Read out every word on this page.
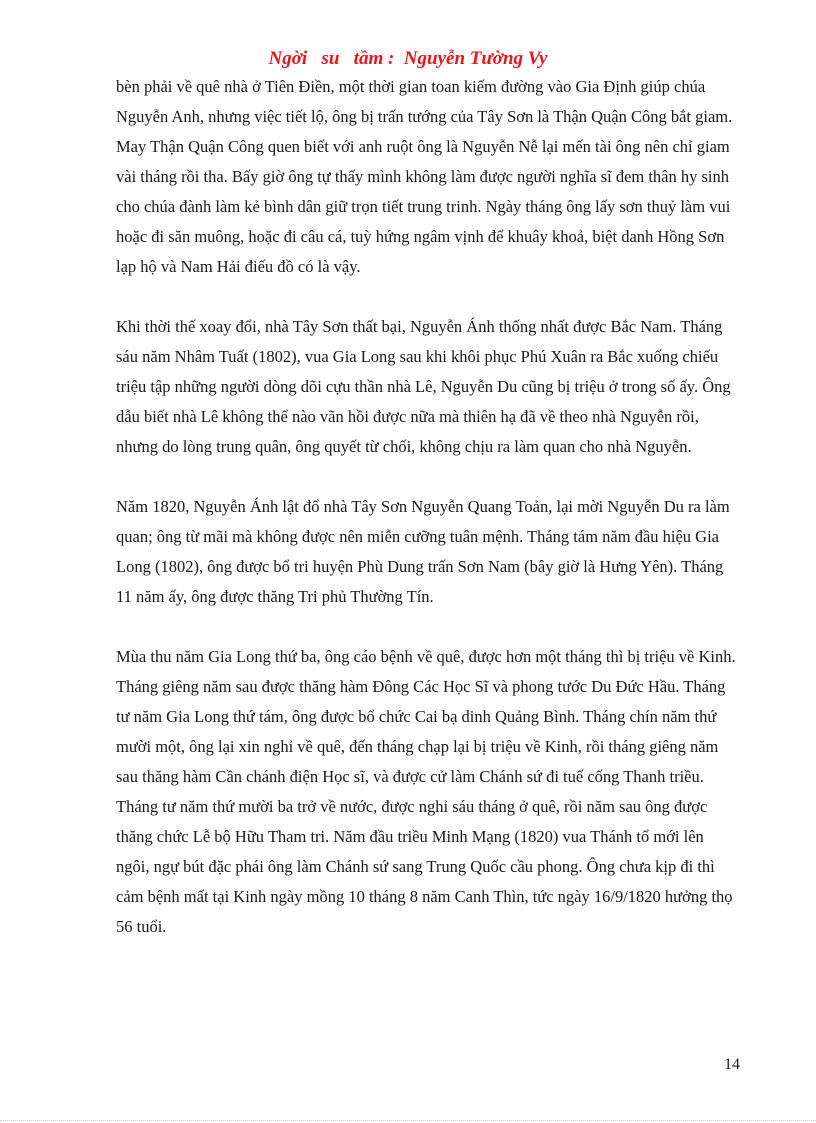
Ngời   su   tầm :  Nguyễn Tường Vy

bèn phải về quê nhà ở Tiên Điền, một thời gian toan kiếm đường vào Gia Định giúp chúa Nguyễn Anh, nhưng việc tiết lộ, ông bị trấn tướng của Tây Sơn là Thận Quận Công bắt giam. May Thận Quận Công quen biết với anh ruột ông là Nguyễn Nễ lại mến tài ông nên chỉ giam vài tháng rồi tha. Bấy giờ ông tự thấy mình không làm được người nghĩa sĩ đem thân hy sinh cho chúa đành làm kẻ bình dân giữ trọn tiết trung trinh. Ngày tháng ông lấy sơn thuỷ làm vui hoặc đi săn muông, hoặc đi câu cá, tuỳ hứng ngâm vịnh để khuây khoả, biệt danh Hồng Sơn lạp hộ và Nam Hải điếu đồ có là vậy.

Khi thời thế xoay đổi, nhà Tây Sơn thất bại, Nguyễn Ánh thống nhất được Bắc Nam. Tháng sáu năm Nhâm Tuất (1802), vua Gia Long sau khi khôi phục Phú Xuân ra Bắc xuống chiếu triệu tập những người dòng dõi cựu thần nhà Lê, Nguyễn Du cũng bị triệu ở trong số ấy. Ông dẫu biết nhà Lê không thể nào vãn hồi được nữa mà thiên hạ đã về theo nhà Nguyễn rồi, nhưng do lòng trung quân, ông quyết từ chối, không chịu ra làm quan cho nhà Nguyễn.

Năm 1820, Nguyễn Ánh lật đổ nhà Tây Sơn Nguyễn Quang Toản, lại mời Nguyễn Du ra làm quan; ông từ mãi mà không được nên miễn cưỡng tuân mệnh. Tháng tám năm đầu hiệu Gia Long (1802), ông được bổ tri huyện Phù Dung trấn Sơn Nam (bây giờ là Hưng Yên). Tháng 11 năm ấy, ông được thăng Tri phủ Thường Tín.

Mùa thu năm Gia Long thứ ba, ông cáo bệnh về quê, được hơn một tháng thì bị triệu về Kinh. Tháng giêng năm sau được thăng hàm Đông Các Học Sĩ và phong tước Du Đức Hầu. Tháng tư năm Gia Long thứ tám, ông được bổ chức Cai bạ dinh Quảng Bình. Tháng chín năm thứ mười một, ông lại xin nghỉ về quê, đến tháng chạp lại bị triệu về Kinh, rồi tháng giêng năm sau thăng hàm Cần chánh điện Học sĩ, và được cử làm Chánh sứ đi tuế cống Thanh triều. Tháng tư năm thứ mười ba trở về nước, được nghỉ sáu tháng ở quê, rồi năm sau ông được thăng chức Lễ bộ Hữu Tham tri. Năm đầu triều Minh Mạng (1820) vua Thánh tổ mới lên ngôi, ngự bút đặc phái ông làm Chánh sứ sang Trung Quốc cầu phong. Ông chưa kịp đi thì cảm bệnh mất tại Kinh ngày mồng 10 tháng 8 năm Canh Thìn, tức ngày 16/9/1820 hưởng thọ 56 tuổi.

14
